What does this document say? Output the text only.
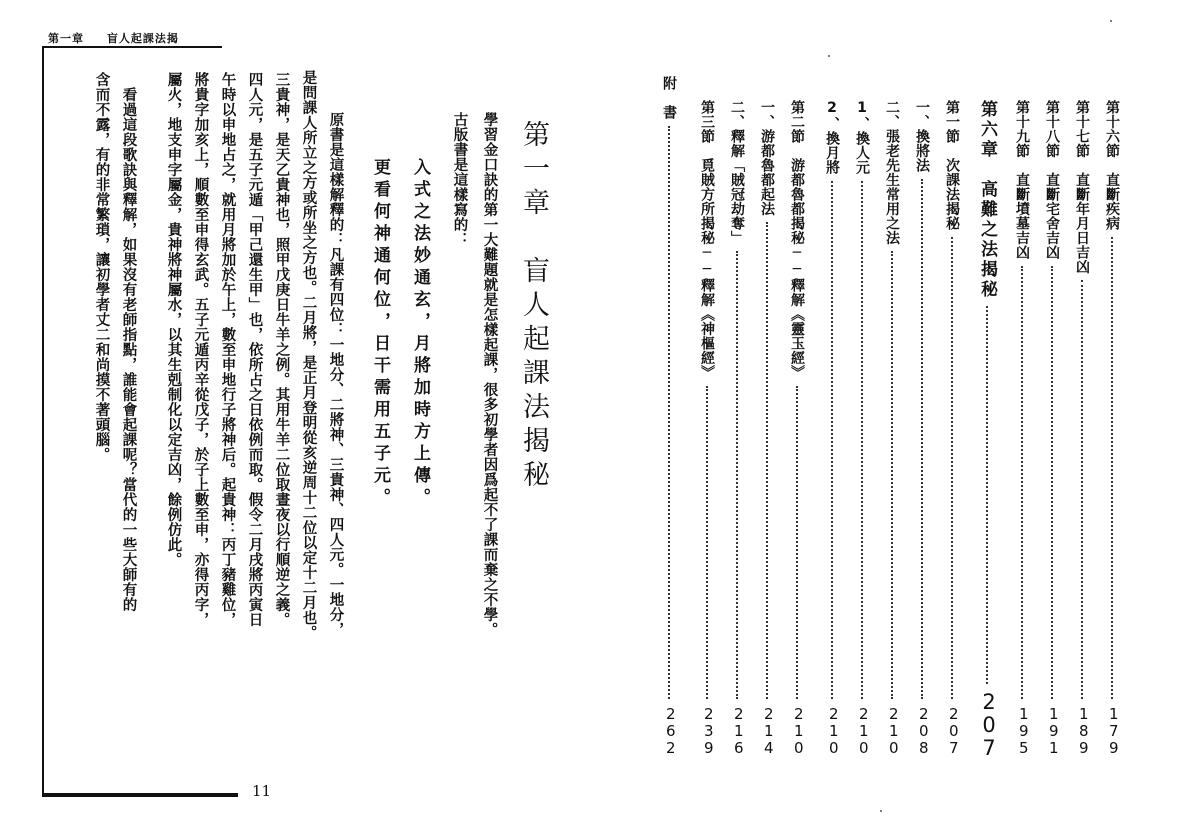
第一章 盲人起課法揭
11
第一章　盲人起課法揭秘
學習金口訣的第一大難題就是怎樣起課，很多初學者因爲起不了課而棄之不學。
古版書是這樣寫的：
入式之法妙通玄，月將加時方上傳。
更看何神通何位，日干需用五子元。
原書是這樣解釋的：凡課有四位：一地分、二將神、三貴神、四人元。一地分，
是問課人所立之方或所坐之方也。二月將，是正月登明從亥逆周十二位以定十二月也。
三貴神，是天乙貴神也，照甲戊庚日牛羊之例。其用牛羊二位取晝夜以行順逆之義。
四人元，是五子元遁「甲己還生甲」也，依所占之日依例而取。假令二月戌將丙寅日
午時以申地占之，就用月將加於午上，數至申地行子將神后。起貴神：丙丁豬雞位，
將貴字加亥上，順數至申得玄武。五子元遁丙辛從戊子，於子上數至申，亦得丙字，
屬火，地支申字屬金，貴神將神屬水，以其生剋制化以定吉凶，餘例仿此。
　看過這段歌訣與釋解，如果沒有老師指點，誰能會起課呢？當代的一些大師有的
含而不露，有的非常繁瑣，讓初學者丈二和尚摸不著頭腦。	第十六節　直斷疾病
179
第十七節　直斷年月日吉凶
189
第十八節　直斷宅舍吉凶
191
第十九節　直斷墳墓吉凶
195
第六章　高難之法揭秘
207
第一節　次課法揭秘
207
一、換將法
208
二、張老先生常用之法
210
1、換人元
210
2、換月將
210
第二節　游都魯都揭秘──釋解《靈玉經》
210
一、游都魯都起法
214
二、釋解「賊冠劫奪」
216
第三節　覓賊方所揭秘──釋解《神樞經》
239
附　書
262
